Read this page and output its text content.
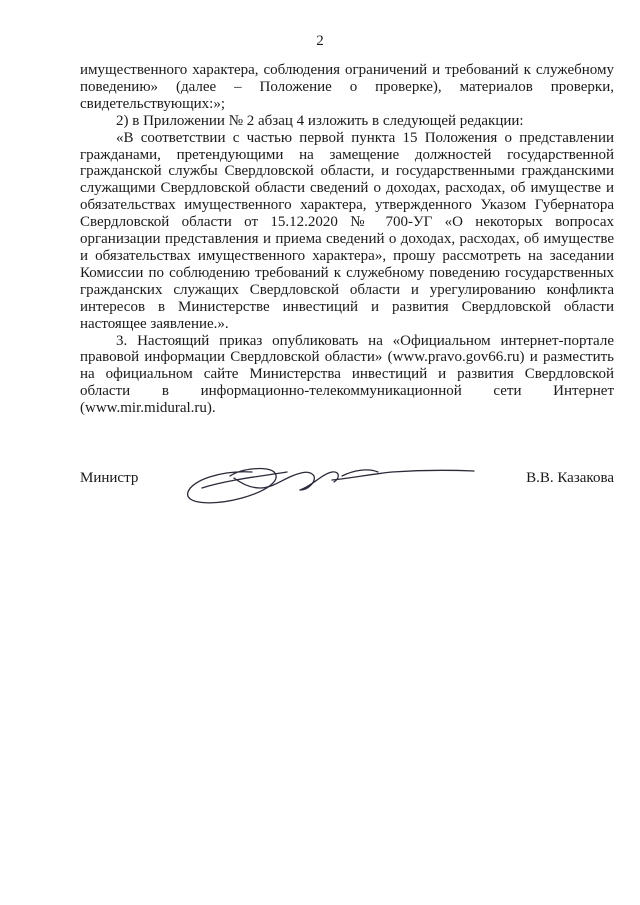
2

имущественного характера, соблюдения ограничений и требований к служебному поведению» (далее – Положение о проверке), материалов проверки, свидетельствующих:»;

2) в Приложении № 2 абзац 4 изложить в следующей редакции:

«В соответствии с частью первой пункта 15 Положения о представлении гражданами, претендующими на замещение должностей государственной гражданской службы Свердловской области, и государственными гражданскими служащими Свердловской области сведений о доходах, расходах, об имуществе и обязательствах имущественного характера, утвержденного Указом Губернатора Свердловской области от 15.12.2020 № 700-УГ «О некоторых вопросах организации представления и приема сведений о доходах, расходах, об имуществе и обязательствах имущественного характера», прошу рассмотреть на заседании Комиссии по соблюдению требований к служебному поведению государственных гражданских служащих Свердловской области и урегулированию конфликта интересов в Министерстве инвестиций и развития Свердловской области настоящее заявление.».

3. Настоящий приказ опубликовать на «Официальном интернет-портале правовой информации Свердловской области» (www.pravo.gov66.ru) и разместить на официальном сайте Министерства инвестиций и развития Свердловской области в информационно-телекоммуникационной сети Интернет (www.mir.midural.ru).

Министр	В.В. Казакова
